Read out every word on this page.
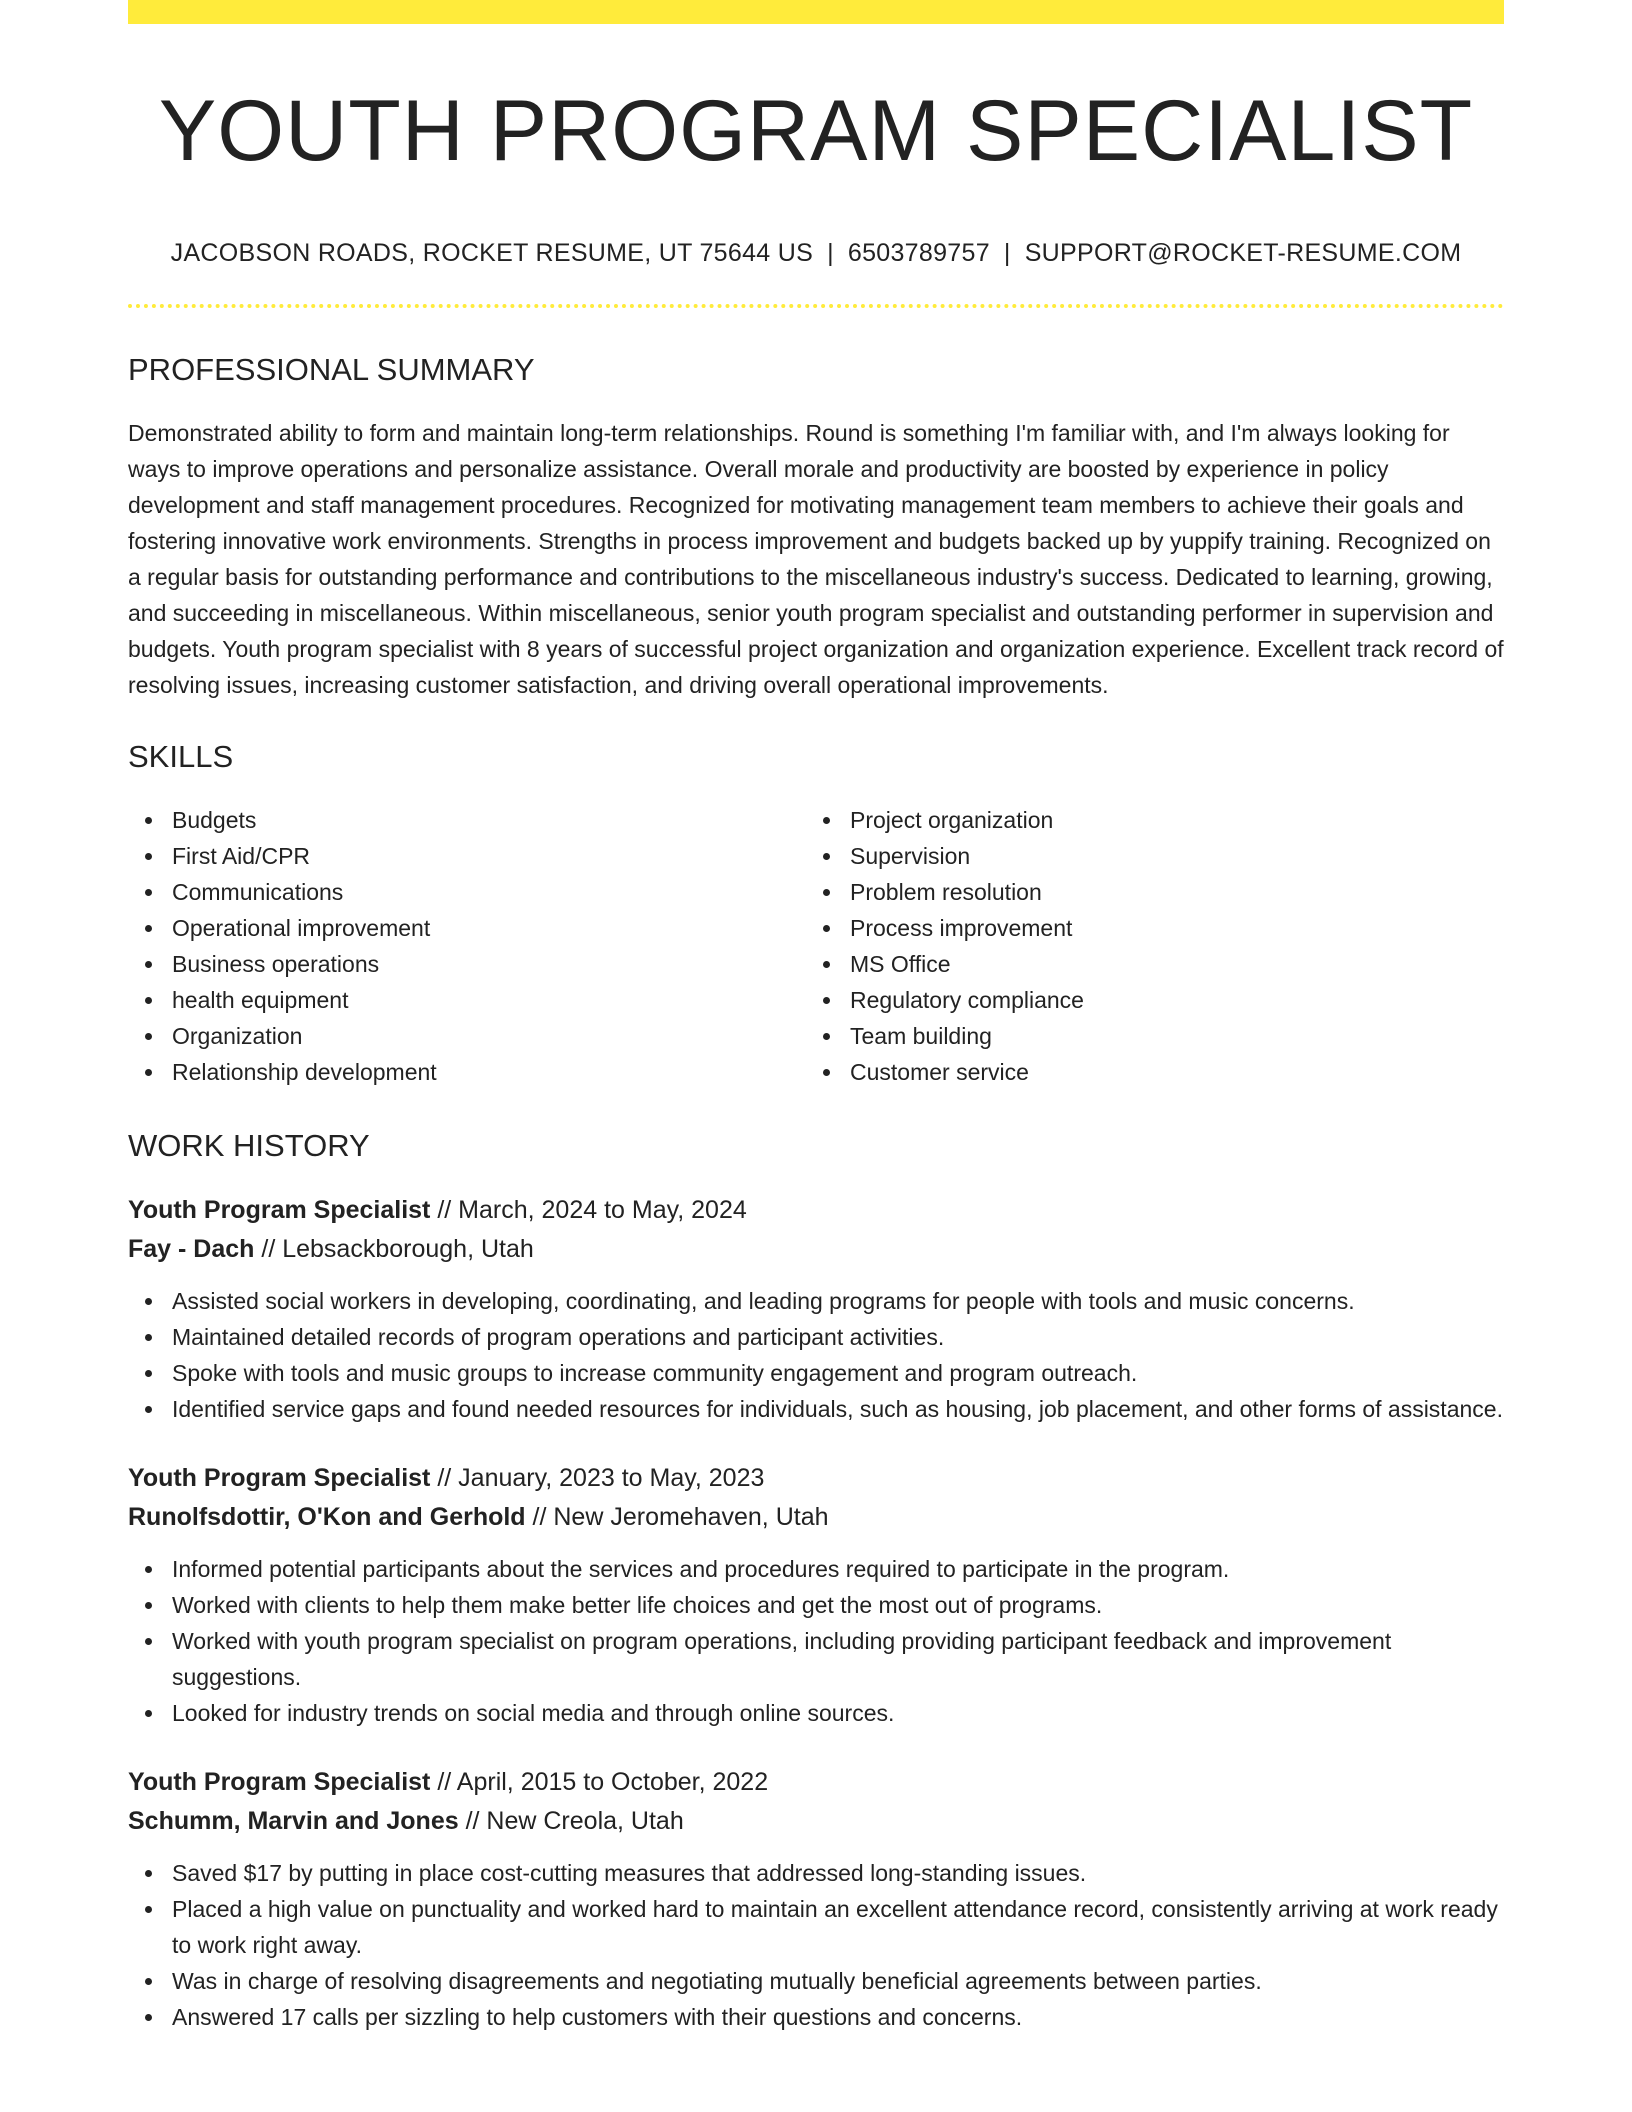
YOUTH PROGRAM SPECIALIST
JACOBSON ROADS, ROCKET RESUME, UT 75644 US | 6503789757 | SUPPORT@ROCKET-RESUME.COM
PROFESSIONAL SUMMARY

Demonstrated ability to form and maintain long-term relationships. Round is something I'm familiar with, and I'm always looking for ways to improve operations and personalize assistance. Overall morale and productivity are boosted by experience in policy development and staff management procedures. Recognized for motivating management team members to achieve their goals and fostering innovative work environments. Strengths in process improvement and budgets backed up by yuppify training. Recognized on a regular basis for outstanding performance and contributions to the miscellaneous industry's success. Dedicated to learning, growing, and succeeding in miscellaneous. Within miscellaneous, senior youth program specialist and outstanding performer in supervision and budgets. Youth program specialist with 8 years of successful project organization and organization experience. Excellent track record of resolving issues, increasing customer satisfaction, and driving overall operational improvements.

SKILLS
Budgets
First Aid/CPR
Communications
Operational improvement
Business operations
health equipment
Organization
Relationship development
Project organization
Supervision
Problem resolution
Process improvement
MS Office
Regulatory compliance
Team building
Customer service
WORK HISTORY
Youth Program Specialist // March, 2024 to May, 2024
Fay - Dach // Lebsackborough, Utah
Assisted social workers in developing, coordinating, and leading programs for people with tools and music concerns.
Maintained detailed records of program operations and participant activities.
Spoke with tools and music groups to increase community engagement and program outreach.
Identified service gaps and found needed resources for individuals, such as housing, job placement, and other forms of assistance.
Youth Program Specialist // January, 2023 to May, 2023
Runolfsdottir, O'Kon and Gerhold // New Jeromehaven, Utah
Informed potential participants about the services and procedures required to participate in the program.
Worked with clients to help them make better life choices and get the most out of programs.
Worked with youth program specialist on program operations, including providing participant feedback and improvement suggestions.
Looked for industry trends on social media and through online sources.
Youth Program Specialist // April, 2015 to October, 2022
Schumm, Marvin and Jones // New Creola, Utah
Saved $17 by putting in place cost-cutting measures that addressed long-standing issues.
Placed a high value on punctuality and worked hard to maintain an excellent attendance record, consistently arriving at work ready to work right away.
Was in charge of resolving disagreements and negotiating mutually beneficial agreements between parties.
Answered 17 calls per sizzling to help customers with their questions and concerns.
